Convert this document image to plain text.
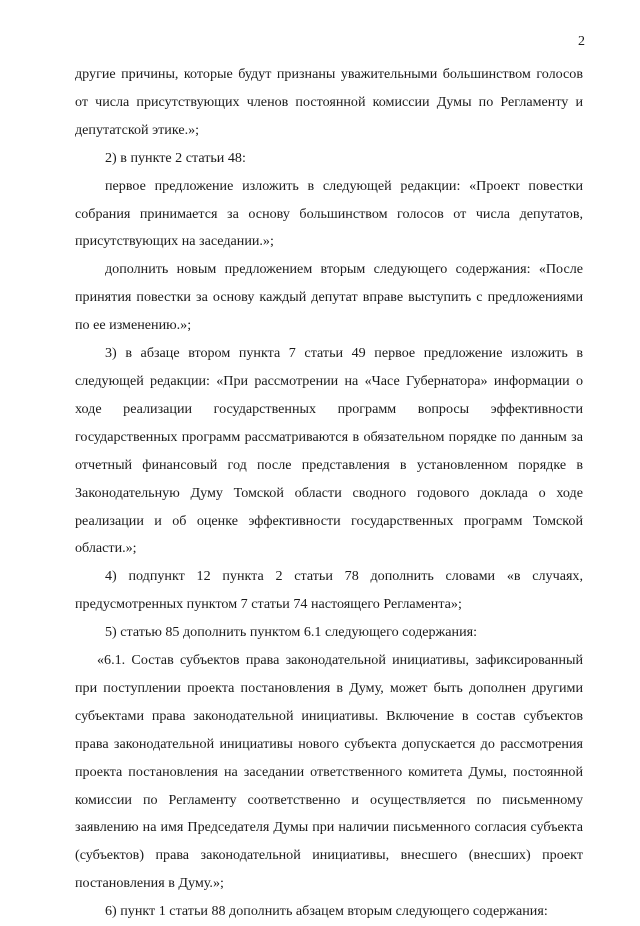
2

другие причины, которые будут признаны уважительными большинством голосов от числа присутствующих членов постоянной комиссии Думы по Регламенту и депутатской этике.»;

2) в пункте 2 статьи 48:

первое предложение изложить в следующей редакции: «Проект повестки собрания принимается за основу большинством голосов от числа депутатов, присутствующих на заседании.»;

дополнить новым предложением вторым следующего содержания: «После принятия повестки за основу каждый депутат вправе выступить с предложениями по ее изменению.»;

3) в абзаце втором пункта 7 статьи 49 первое предложение изложить в следующей редакции: «При рассмотрении на «Часе Губернатора» информации о ходе реализации государственных программ вопросы эффективности государственных программ рассматриваются в обязательном порядке по данным за отчетный финансовый год после представления в установленном порядке в Законодательную Думу Томской области сводного годового доклада о ходе реализации и об оценке эффективности государственных программ Томской области.»;

4) подпункт 12 пункта 2 статьи 78 дополнить словами «в случаях, предусмотренных пунктом 7 статьи 74 настоящего Регламента»;

5) статью 85 дополнить пунктом 6.1 следующего содержания:

«6.1. Состав субъектов права законодательной инициативы, зафиксированный при поступлении проекта постановления в Думу, может быть дополнен другими субъектами права законодательной инициативы. Включение в состав субъектов права законодательной инициативы нового субъекта допускается до рассмотрения проекта постановления на заседании ответственного комитета Думы, постоянной комиссии по Регламенту соответственно и осуществляется по письменному заявлению на имя Председателя Думы при наличии письменного согласия субъекта (субъектов) права законодательной инициативы, внесшего (внесших) проект постановления в Думу.»;

6) пункт 1 статьи 88 дополнить абзацем вторым следующего содержания:
